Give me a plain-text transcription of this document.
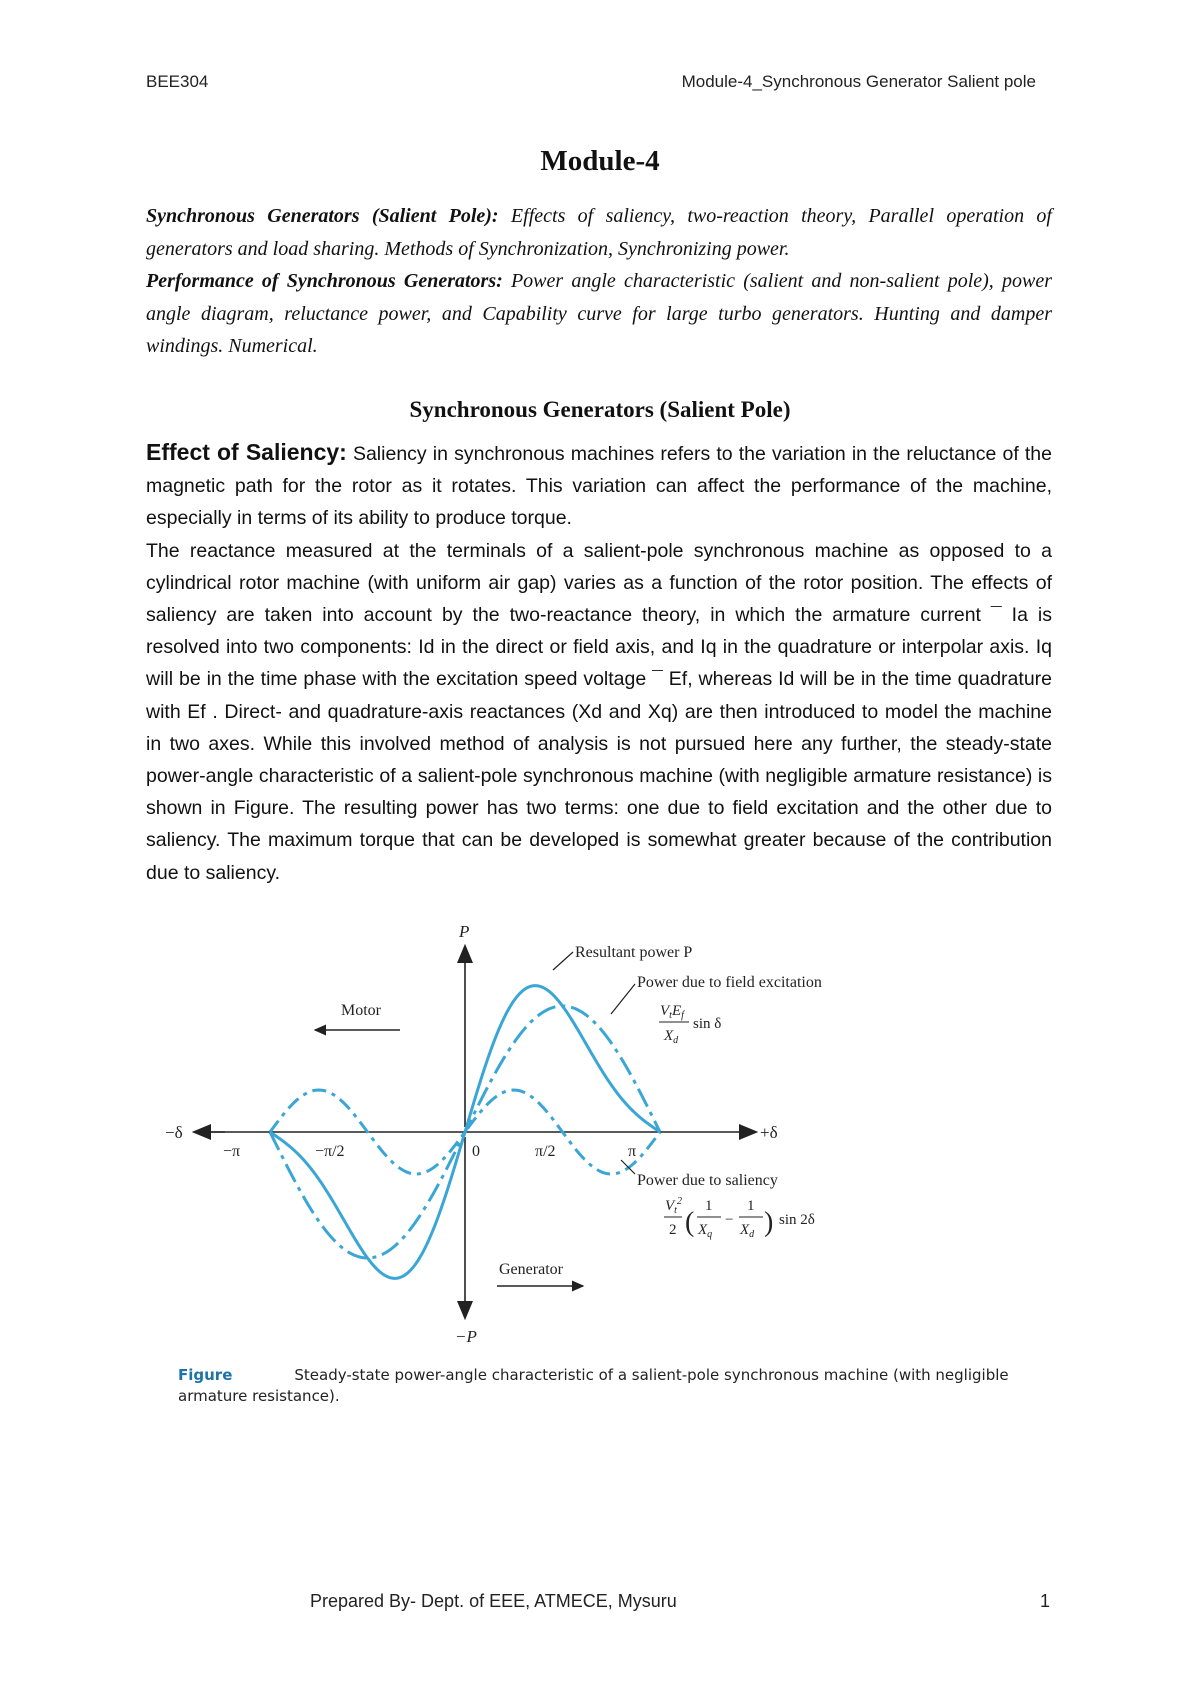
BEE304	Module-4_Synchronous Generator Salient pole
Module-4
Synchronous Generators (Salient Pole): Effects of saliency, two-reaction theory, Parallel operation of generators and load sharing. Methods of Synchronization, Synchronizing power.
Performance of Synchronous Generators: Power angle characteristic (salient and non-salient pole), power angle diagram, reluctance power, and Capability curve for large turbo generators. Hunting and damper windings. Numerical.
Synchronous Generators (Salient Pole)

Effect of Saliency: Saliency in synchronous machines refers to the variation in the reluctance of the magnetic path for the rotor as it rotates. This variation can affect the performance of the machine, especially in terms of its ability to produce torque.

The reactance measured at the terminals of a salient-pole synchronous machine as opposed to a cylindrical rotor machine (with uniform air gap) varies as a function of the rotor position. The effects of saliency are taken into account by the two-reactance theory, in which the armature current ¯ Ia is resolved into two components: Id in the direct or field axis, and Iq in the quadrature or interpolar axis. Iq will be in the time phase with the excitation speed voltage ¯ Ef, whereas Id will be in the time quadrature with Ef . Direct- and quadrature-axis reactances (Xd and Xq) are then introduced to model the machine in two axes. While this involved method of analysis is not pursued here any further, the steady-state power-angle characteristic of a salient-pole synchronous machine (with negligible armature resistance) is shown in Figure. The resulting power has two terms: one due to field excitation and the other due to saliency. The maximum torque that can be developed is somewhat greater because of the contribution due to saliency.

P
−P
−δ	+δ
−π	−π/2	0	π/2	π
Motor
Generator
Resultant power P
Power due to field excitation
$V_tE_f$
$X_d$
sin δ
Power due to saliency
$V_t^2$
2 (
1
$X_q$
−
1
$X_d$ ) sin 2δ
Figure	Steady-state power-angle characteristic of a salient-pole synchronous machine (with negligible armature resistance).
Prepared By- Dept. of EEE, ATMECE, Mysuru	1
